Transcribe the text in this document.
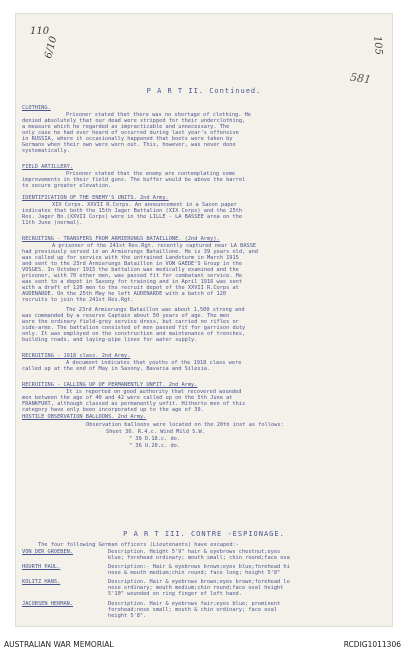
110
6/10
581
105
P A R T II. Continued.
CLOTHING.
Prisoner stated that there was no shortage of clothing. He
denied absolutely that our dead were stripped for their underclothing,
a measure which he regarded as impracticable and unnecessary. The
only case he had ever heard of occurred during last year's offensive
in RUSSIA, where it occasionally happened that boots were taken by
Germans when their own were worn out. This, however, was never done
systematically.
FIELD ARTILLERY.
Prisoner stated that the enemy are contemplating some
improvements in their field guns. The buffer would be above the barrel
to secure greater elevation.
IDENTIFICATION OF THE ENEMY'S UNITS. 2nd Army.
XIX Corps. XXVII R.Corps. An announcement in a Saxon paper
indicates that both the 15th Jager Battalion (XIX Corps) and the 25th
Res. Jager Bn.(XXVII Corps) were in the LILLE - LA BASSEE area on the
11th June (normal).
RECRUITING - TRANSFERS FROM ARMIERUNGS BATAILLONE. (2nd Army).
A prisoner of the 241st Res.Rgt. recently captured near LA BASSE
had previously served in an Armierungs Bataillone. He is 39 years old, and
was called up for service with the untrained Landsturm in March 1915
and sent to the 23rd Armierungs Bataillon in VON GAEDE'S Group in the
VOSGES. In October 1915 the battalion was medically examined and the
prisoner, with 70 other men, was passed fit for combatant service. He
was sent to a depot in Saxony for training and in April 1916 was sent
with a draft of 120 men to the recruit depot of the XXVII R.Corps at
AUDENARDE. On the 25th May he left AUDENARDE with a batch of 120
recruits to join the 241st Res.Rgt.
The 23rd Armierungs Bataillon was about 1,500 strong and
was commanded by a reserve Captain about 50 years of age. The men
wore the ordinary field-grey service dress, but carried no rifles or
side-arms. The battalion consisted of men passed fit for garrison duty
only. It was employed on the construction and maintenance of trenches,
building roads, and laying-pipe lines for water supply.
RECRUITING - 1918 class. 2nd Army.
A document indicates that youths of the 1918 class were
called up at the end of May in Saxony, Bavaria and Silesia.
RECRUITING - CALLING UP OF PERMANENTLY UNFIT. 2nd Army.
It is reported on good authority that recovered wounded
men between the age of 40 and 42 were called up on the 5th June at
FRANKFURT, although classed as permanently unfit. Hitherto men of this
category have only been incorporated up to the age of 39.
HOSTILE OBSERVATION BALLOONS. 2nd Army.
Observation balloons were located on the 20th inst as follows:
Sheet 36. R.4.c. Wind Mild S.W.
" 36 D.18.c. do.
" 36 U.20.c. do.
P A R T III. CONTRE -ESPIONAGE.
The four following German officers (Lieutenants) have escaped:-
VON DER GROEBEN.	Description. Height 5'9" hair & eyebrows chestnut;eyes
blue; forehead ordinary; mouth small; chin round;face ova
HOURTH PAUL.	Description:- Hair & eyebrows brown;eyes blue;forehead hi
nose & mouth medium;chin round; face long; height 5'8"
KOLITZ HANS.	Description. Hair & eyebrows brown;eyes brown;forehead lo
nose ordinary; mouth medium;chin round;face oval height
5'10" wounded on ring finger of left hand.
JACOBSEN HERMAN.	Description. Hair & eyebrows fair;eyes blue; prominent
forehead;nose small; mouth & chin ordinary; face oval
height 5'8".
AUSTRALIAN WAR MEMORIAL	RCDIG1011306
